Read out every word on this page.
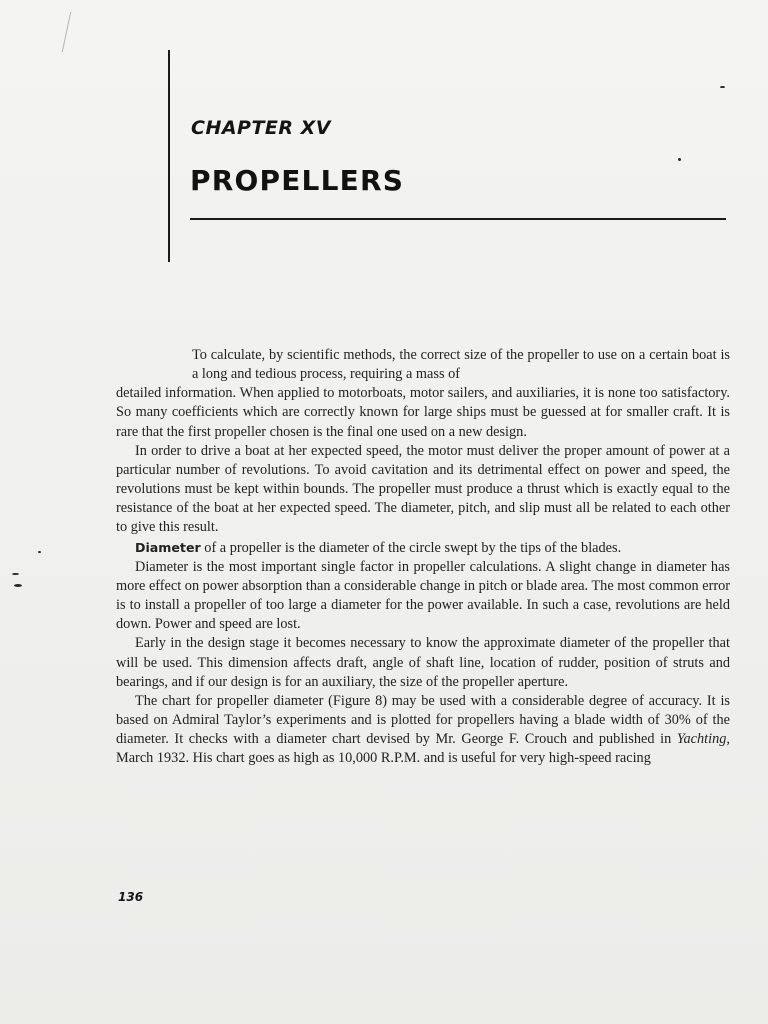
CHAPTER XV
PROPELLERS

To calculate, by scientific methods, the correct size of the propeller to use on a certain boat is a long and tedious process, requiring a mass of
detailed information. When applied to motorboats, motor sailers, and auxiliaries, it is none too satisfactory. So many coefficients which are correctly known for large ships must be guessed at for smaller craft. It is rare that the first propeller chosen is the final one used on a new design.

In order to drive a boat at her expected speed, the motor must deliver the proper amount of power at a particular number of revolutions. To avoid cavitation and its detrimental effect on power and speed, the revolutions must be kept within bounds. The propeller must produce a thrust which is exactly equal to the resistance of the boat at her expected speed. The diameter, pitch, and slip must all be related to each other to give this result.

Diameter of a propeller is the diameter of the circle swept by the tips of the blades.

Diameter is the most important single factor in propeller calculations. A slight change in diameter has more effect on power absorption than a considerable change in pitch or blade area. The most common error is to install a propeller of too large a diameter for the power available. In such a case, revolutions are held down. Power and speed are lost.

Early in the design stage it becomes necessary to know the approximate diameter of the propeller that will be used. This dimension affects draft, angle of shaft line, location of rudder, position of struts and bearings, and if our design is for an auxiliary, the size of the propeller aperture.

The chart for propeller diameter (Figure 8) may be used with a considerable degree of accuracy. It is based on Admiral Taylor’s experiments and is plotted for propellers having a blade width of 30% of the diameter. It checks with a diameter chart devised by Mr. George F. Crouch and published in Yachting, March 1932. His chart goes as high as 10,000 R.P.M. and is useful for very high-speed racing

136
